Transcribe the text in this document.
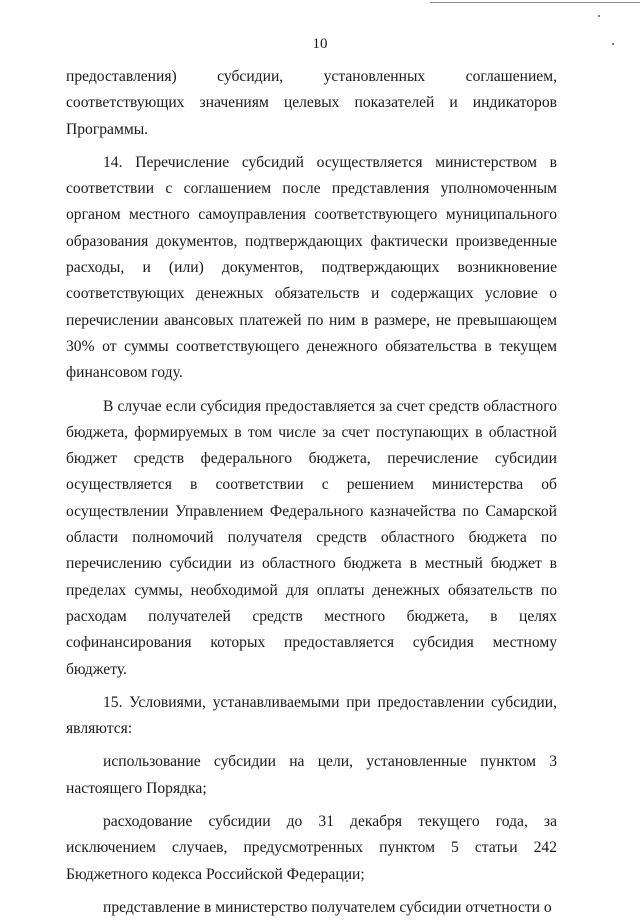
10

предоставления) субсидии, установленных соглашением, соответствующих значениям целевых показателей и индикаторов Программы.

14. Перечисление субсидий осуществляется министерством в соответствии с соглашением после представления уполномоченным органом местного самоуправления соответствующего муниципального образования документов, подтверждающих фактически произведенные расходы, и (или) документов, подтверждающих возникновение соответствующих денежных обязательств и содержащих условие о перечислении авансовых платежей по ним в размере, не превышающем 30% от суммы соответствующего денежного обязательства в текущем финансовом году.

В случае если субсидия предоставляется за счет средств областного бюджета, формируемых в том числе за счет поступающих в областной бюджет средств федерального бюджета, перечисление субсидии осуществляется в соответствии с решением министерства об осуществлении Управлением Федерального казначейства по Самарской области полномочий получателя средств областного бюджета по перечислению субсидии из областного бюджета в местный бюджет в пределах суммы, необходимой для оплаты денежных обязательств по расходам получателей средств местного бюджета, в целях софинансирования которых предоставляется субсидия местному бюджету.

15. Условиями, устанавливаемыми при предоставлении субсидии, являются:

использование субсидии на цели, установленные пунктом 3 настоящего Порядка;

расходование субсидии до 31 декабря текущего года, за исключением случаев, предусмотренных пунктом 5 статьи 242 Бюджетного кодекса Российской Федерации;

представление в министерство получателем субсидии отчетности о
